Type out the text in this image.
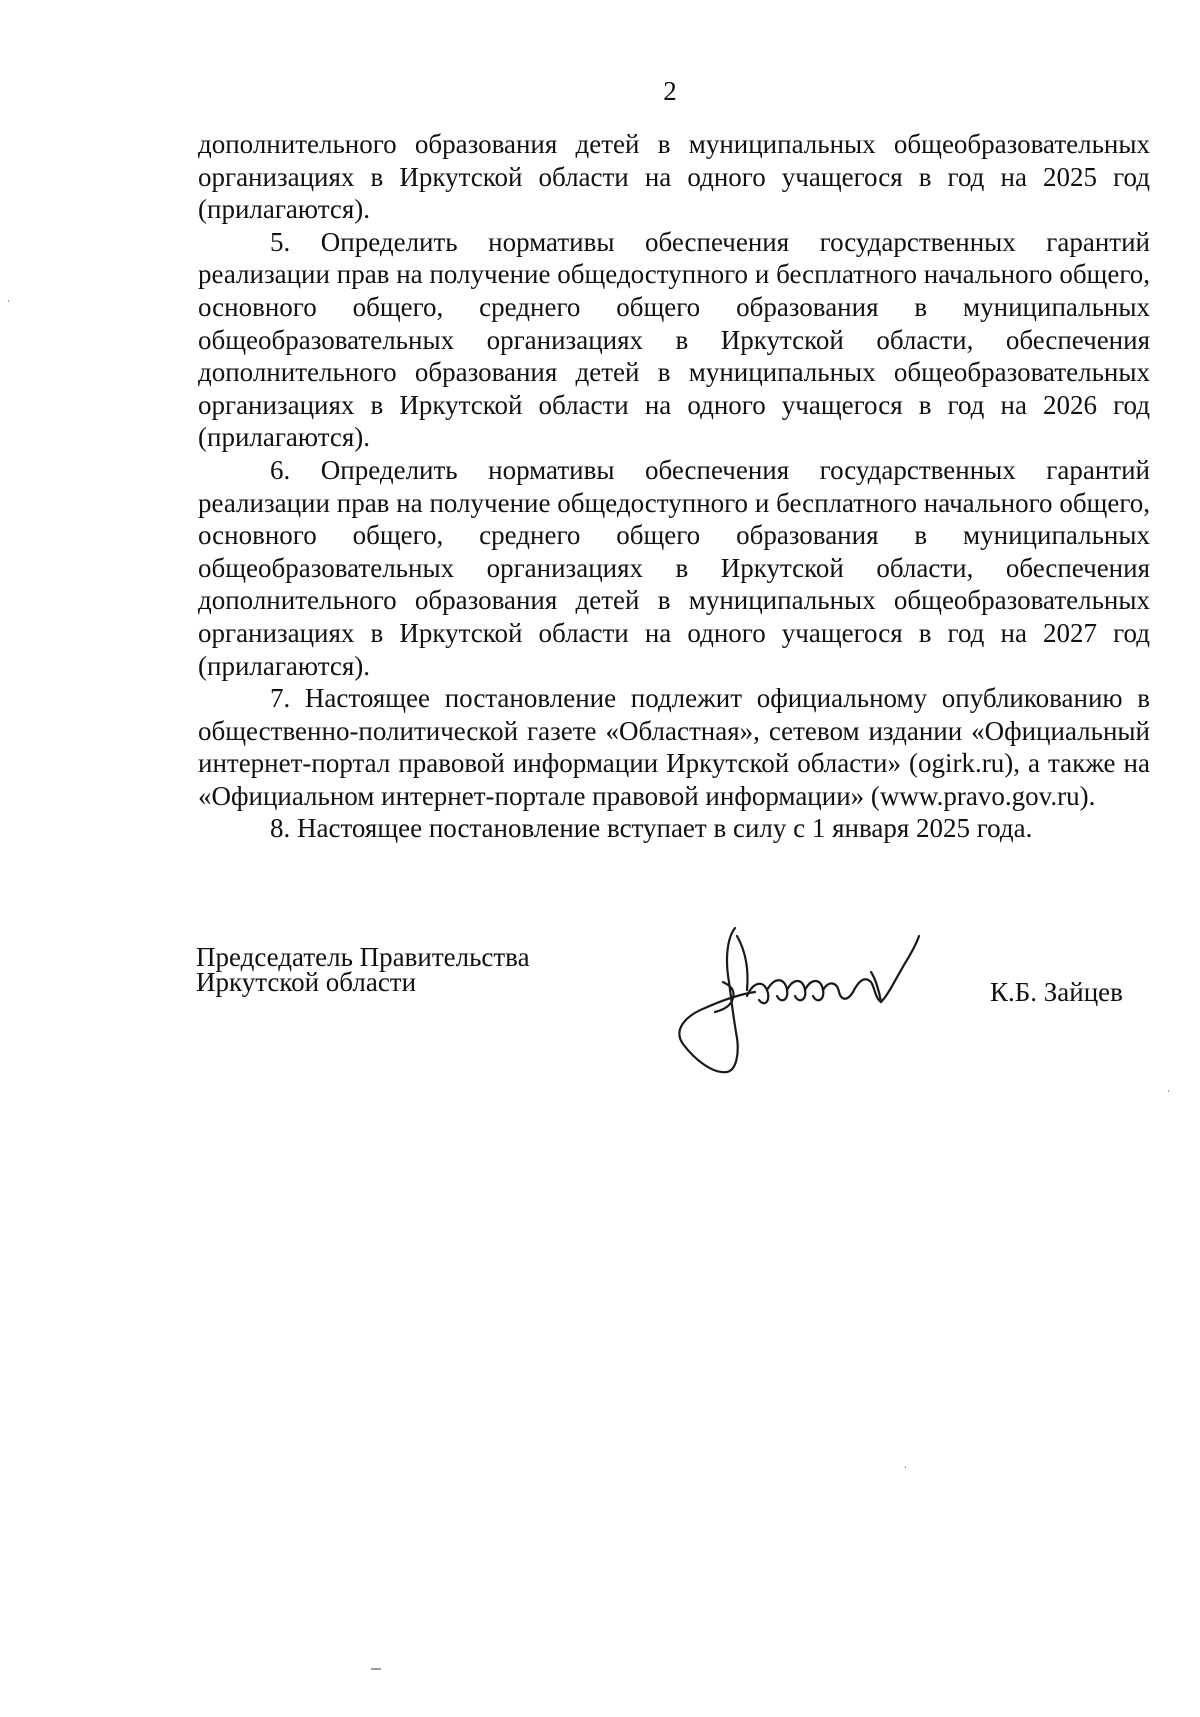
2

дополнительного образования детей в муниципальных общеобразовательных организациях в Иркутской области на одного учащегося в год на 2025 год (прилагаются).

5. Определить нормативы обеспечения государственных гарантий реализации прав на получение общедоступного и бесплатного начального общего, основного общего, среднего общего образования в муниципальных общеобразовательных организациях в Иркутской области, обеспечения дополнительного образования детей в муниципальных общеобразовательных организациях в Иркутской области на одного учащегося в год на 2026 год (прилагаются).

6. Определить нормативы обеспечения государственных гарантий реализации прав на получение общедоступного и бесплатного начального общего, основного общего, среднего общего образования в муниципальных общеобразовательных организациях в Иркутской области, обеспечения дополнительного образования детей в муниципальных общеобразовательных организациях в Иркутской области на одного учащегося в год на 2027 год (прилагаются).

7. Настоящее постановление подлежит официальному опубликованию в общественно-политической газете «Областная», сетевом издании «Официальный интернет-портал правовой информации Иркутской области» (ogirk.ru), а также на «Официальном интернет-портале правовой информации» (www.pravo.gov.ru).

8. Настоящее постановление вступает в силу с 1 января 2025 года.

Председатель Правительства
Иркутской области	К.Б. Зайцев
